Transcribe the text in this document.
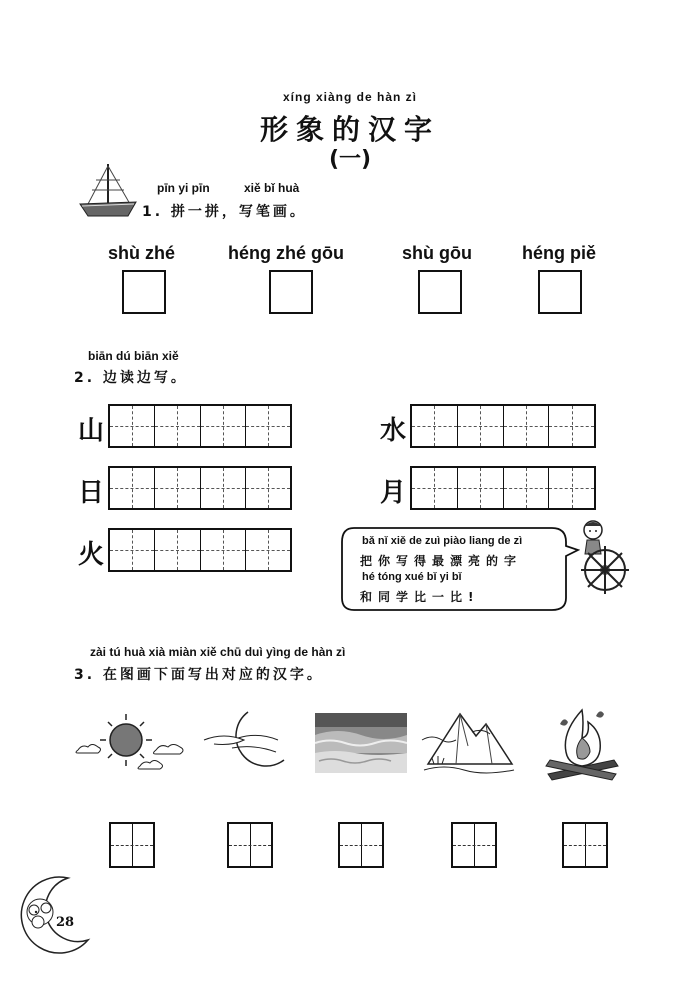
xíng xiàng de hàn zì
形象的汉字
(一)
pīn yi pīn	xiě bǐ huà
1. 拼一拼，写笔画。
shù zhé	héng zhé gōu	shù gōu	héng piě
biān dú biān xiě
2. 边读边写。
山	水
日	月
火	bǎ nǐ xiě de zuì piào liang de zì
把你写得最漂亮的字
hé tóng xué bǐ yi bǐ
和同学比一比!
zài tú huà xià miàn xiě chū duì yìng de hàn zì
3. 在图画下面写出对应的汉字。
28
